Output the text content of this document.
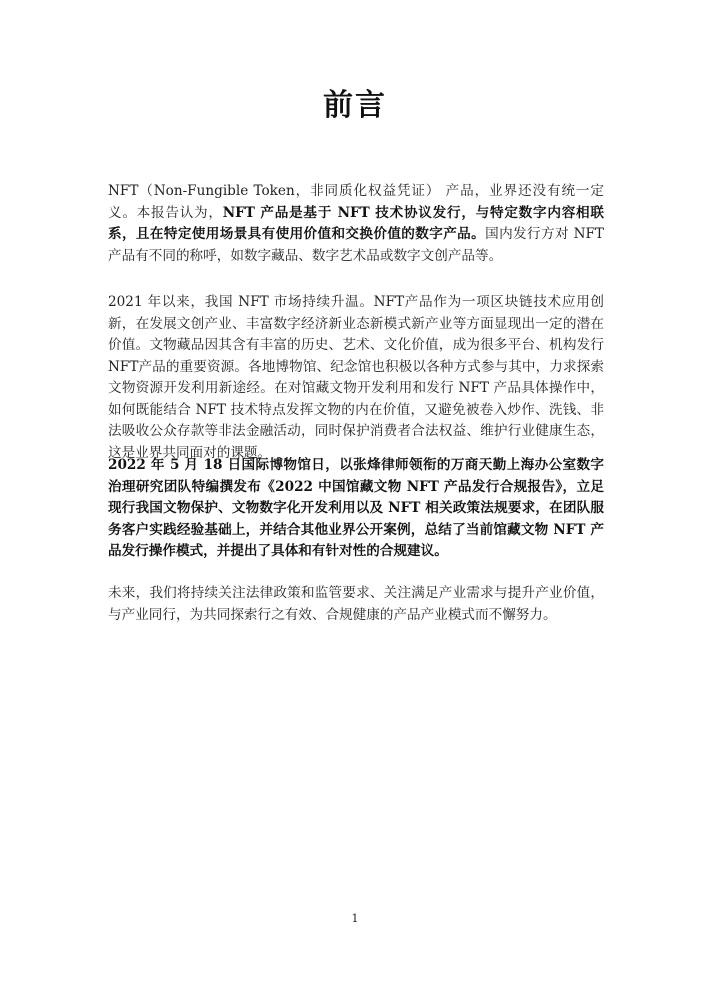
前言

NFT（Non-Fungible Token，非同质化权益凭证） 产品，业界还没有统一定义。本报告认为，NFT 产品是基于 NFT 技术协议发行，与特定数字内容相联系，且在特定使用场景具有使用价值和交换价值的数字产品。国内发行方对 NFT 产品有不同的称呼，如数字藏品、数字艺术品或数字文创产品等。

2021 年以来，我国 NFT 市场持续升温。NFT产品作为一项区块链技术应用创新，在发展文创产业、丰富数字经济新业态新模式新产业等方面显现出一定的潜在价值。文物藏品因其含有丰富的历史、艺术、文化价值，成为很多平台、机构发行 NFT产品的重要资源。各地博物馆、纪念馆也积极以各种方式参与其中，力求探索文物资源开发利用新途经。在对馆藏文物开发利用和发行 NFT 产品具体操作中，如何既能结合 NFT 技术特点发挥文物的内在价值，又避免被卷入炒作、洗钱、非法吸收公众存款等非法金融活动，同时保护消费者合法权益、维护行业健康生态，这是业界共同面对的课题。

2022 年 5 月 18 日国际博物馆日，以张烽律师领衔的万商天勤上海办公室数字治理研究团队特编撰发布《2022 中国馆藏文物 NFT 产品发行合规报告》，立足现行我国文物保护、文物数字化开发利用以及 NFT 相关政策法规要求，在团队服务客户实践经验基础上，并结合其他业界公开案例，总结了当前馆藏文物 NFT 产品发行操作模式，并提出了具体和有针对性的合规建议。

未来，我们将持续关注法律政策和监管要求、关注满足产业需求与提升产业价值，与产业同行，为共同探索行之有效、合规健康的产品产业模式而不懈努力。

1
